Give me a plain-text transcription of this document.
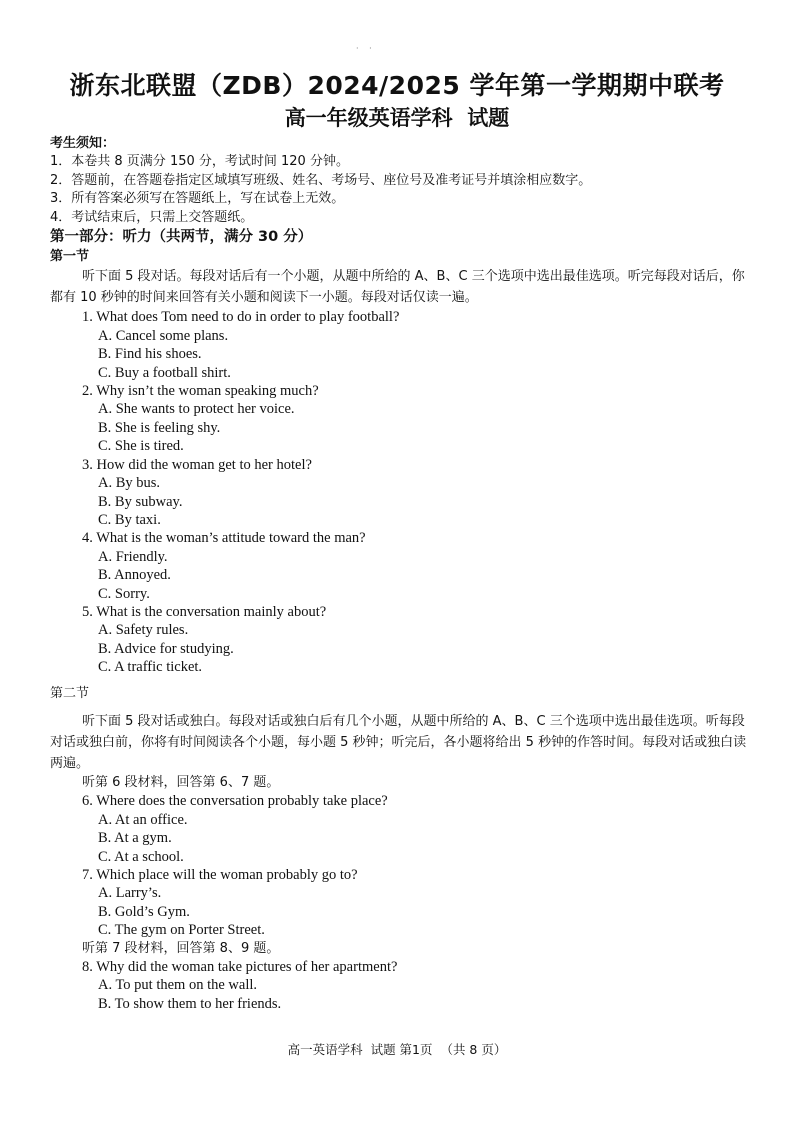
· ·
浙东北联盟（ZDB）2024/2025 学年第一学期期中联考
高一年级英语学科  试题
考生须知：
1．本卷共 8 页满分 150 分，考试时间 120 分钟。
2．答题前，在答题卷指定区域填写班级、姓名、考场号、座位号及准考证号并填涂相应数字。
3．所有答案必须写在答题纸上，写在试卷上无效。
4．考试结束后，只需上交答题纸。
第一部分：听力（共两节，满分 30 分）
第一节
听下面 5 段对话。每段对话后有一个小题，从题中所给的 A、B、C 三个选项中选出最佳选项。听完每段对话后，你都有 10 秒钟的时间来回答有关小题和阅读下一小题。每段对话仅读一遍。
1. What does Tom need to do in order to play football?
A. Cancel some plans.
B. Find his shoes.
C. Buy a football shirt.
2. Why isn’t the woman speaking much?
A. She wants to protect her voice.
B. She is feeling shy.
C. She is tired.
3. How did the woman get to her hotel?
A. By bus.
B. By subway.
C. By taxi.
4. What is the woman’s attitude toward the man?
A. Friendly.
B. Annoyed.
C. Sorry.
5. What is the conversation mainly about?
A. Safety rules.
B. Advice for studying.
C. A traffic ticket.
第二节
听下面 5 段对话或独白。每段对话或独白后有几个小题，从题中所给的 A、B、C 三个选项中选出最佳选项。听每段对话或独白前，你将有时间阅读各个小题，每小题 5 秒钟；听完后，各小题将给出 5 秒钟的作答时间。每段对话或独白读两遍。
听第 6 段材料，回答第 6、7 题。
6. Where does the conversation probably take place?
A. At an office.
B. At a gym.
C. At a school.
7. Which place will the woman probably go to?
A. Larry’s.
B. Gold’s Gym.
C. The gym on Porter Street.
听第 7 段材料，回答第 8、9 题。
8. Why did the woman take pictures of her apartment?
A. To put them on the wall.
B. To show them to her friends.
高一英语学科  试题 第1页  （共 8 页）
